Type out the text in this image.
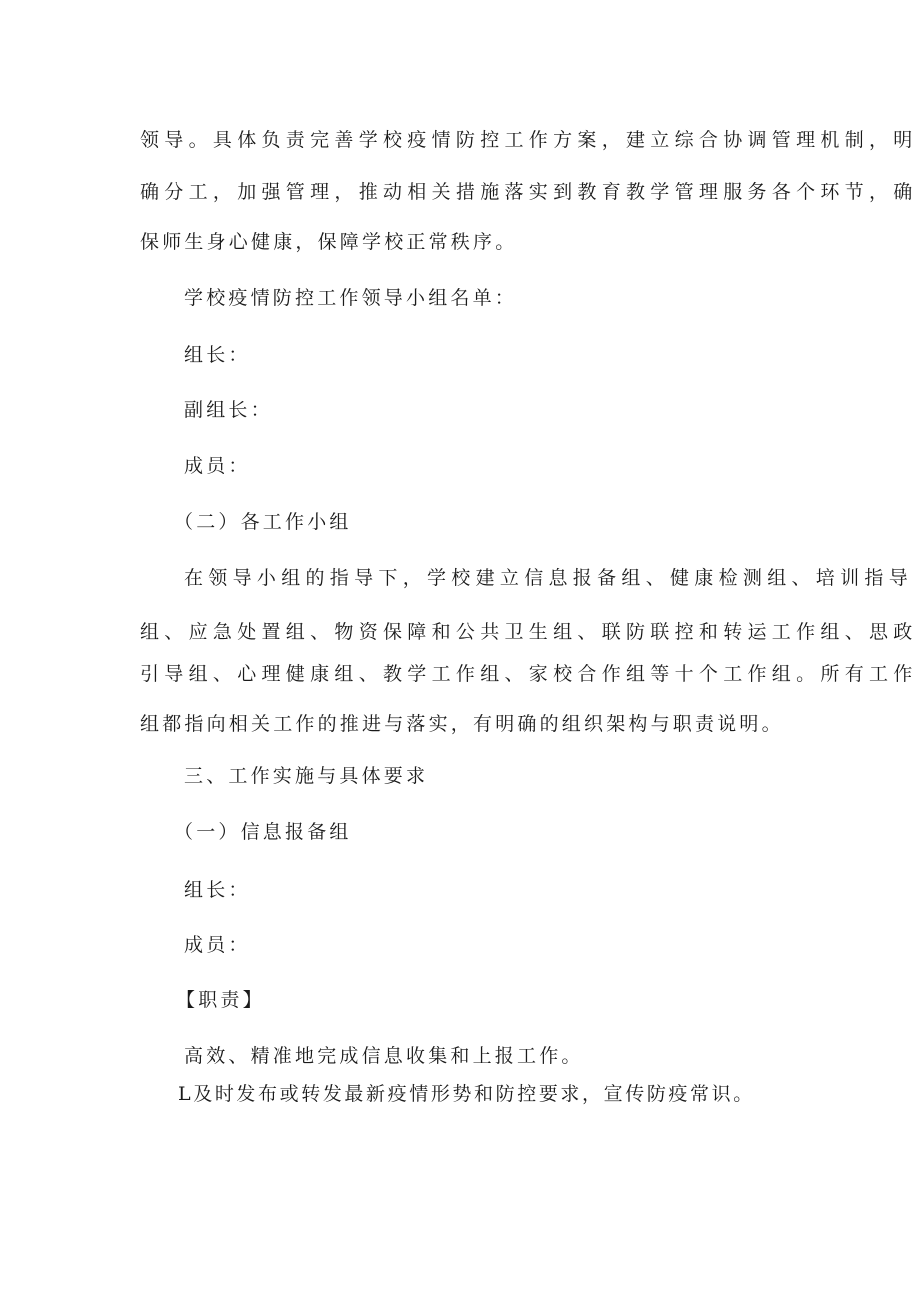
领导。具体负责完善学校疫情防控工作方案，建立综合协调管理机制，明
确分工，加强管理，推动相关措施落实到教育教学管理服务各个环节，确
保师生身心健康，保障学校正常秩序。
学校疫情防控工作领导小组名单：
组长：
副组长：
成员：
（二）各工作小组
在领导小组的指导下，学校建立信息报备组、健康检测组、培训指导
组、应急处置组、物资保障和公共卫生组、联防联控和转运工作组、思政
引导组、心理健康组、教学工作组、家校合作组等十个工作组。所有工作
组都指向相关工作的推进与落实，有明确的组织架构与职责说明。
三、工作实施与具体要求
（一）信息报备组
组长：
成员：
【职责】
高效、精准地完成信息收集和上报工作。
L及时发布或转发最新疫情形势和防控要求，宣传防疫常识。
